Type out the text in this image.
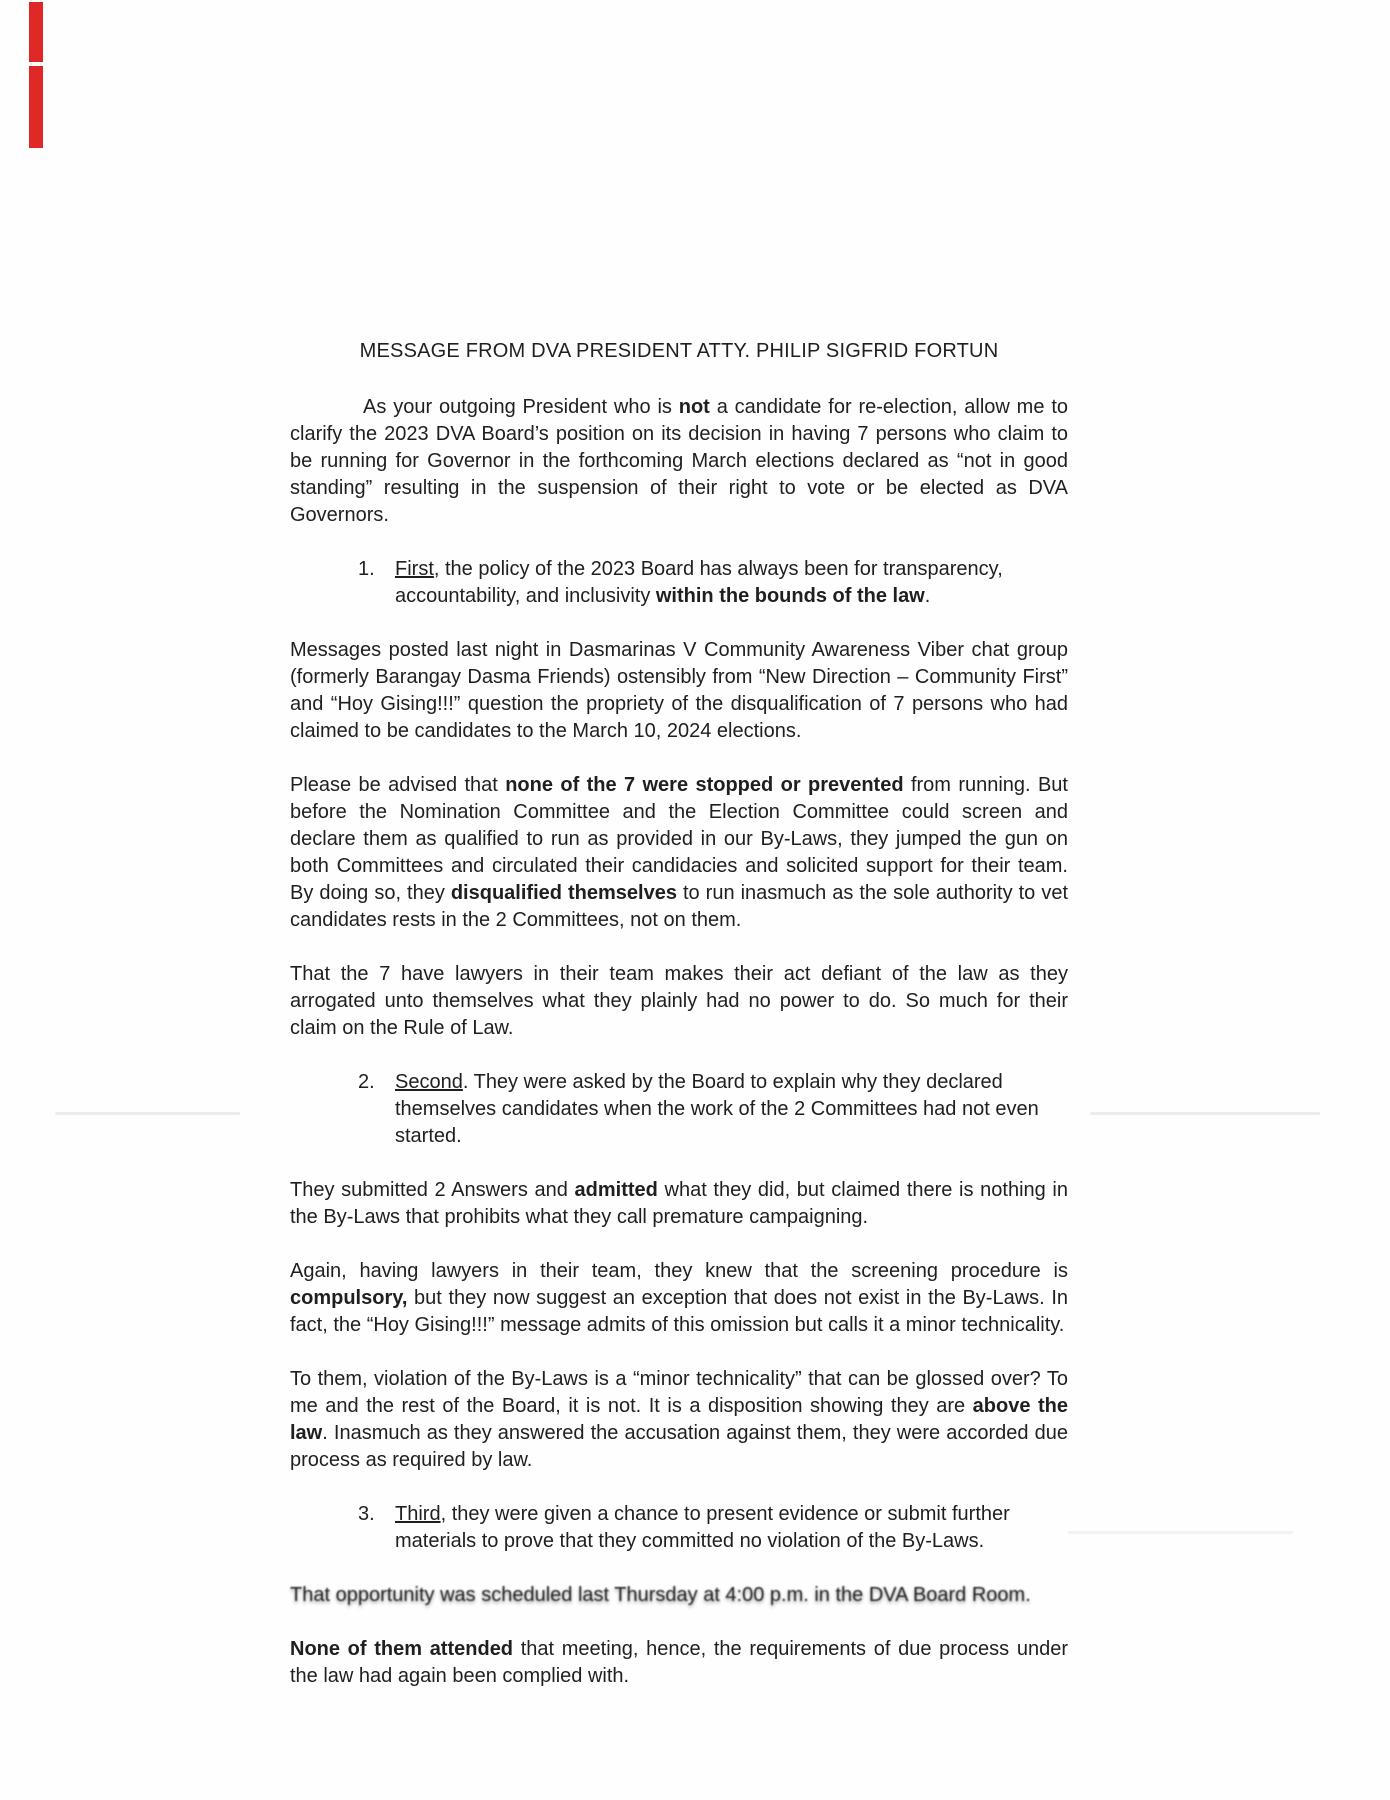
MESSAGE FROM DVA PRESIDENT ATTY. PHILIP SIGFRID FORTUN

As your outgoing President who is not a candidate for re-election, allow me to clarify the 2023 DVA Board’s position on its decision in having 7 persons who claim to be running for Governor in the forthcoming March elections declared as “not in good standing” resulting in the suspension of their right to vote or be elected as DVA Governors.

1.	First, the policy of the 2023 Board has always been for transparency, accountability, and inclusivity within the bounds of the law.

Messages posted last night in Dasmarinas V Community Awareness Viber chat group (formerly Barangay Dasma Friends) ostensibly from “New Direction – Community First” and “Hoy Gising!!!” question the propriety of the disqualification of 7 persons who had claimed to be candidates to the March 10, 2024 elections.

Please be advised that none of the 7 were stopped or prevented from running. But before the Nomination Committee and the Election Committee could screen and declare them as qualified to run as provided in our By-Laws, they jumped the gun on both Committees and circulated their candidacies and solicited support for their team. By doing so, they disqualified themselves to run inasmuch as the sole authority to vet candidates rests in the 2 Committees, not on them.

That the 7 have lawyers in their team makes their act defiant of the law as they arrogated unto themselves what they plainly had no power to do. So much for their claim on the Rule of Law.

2.	Second. They were asked by the Board to explain why they declared themselves candidates when the work of the 2 Committees had not even started.

They submitted 2 Answers and admitted what they did, but claimed there is nothing in the By-Laws that prohibits what they call premature campaigning.

Again, having lawyers in their team, they knew that the screening procedure is compulsory, but they now suggest an exception that does not exist in the By-Laws. In fact, the “Hoy Gising!!!” message admits of this omission but calls it a minor technicality.

To them, violation of the By-Laws is a “minor technicality” that can be glossed over? To me and the rest of the Board, it is not. It is a disposition showing they are above the law. Inasmuch as they answered the accusation against them, they were accorded due process as required by law.

3.	Third, they were given a chance to present evidence or submit further materials to prove that they committed no violation of the By-Laws.

That opportunity was scheduled last Thursday at 4:00 p.m. in the DVA Board Room.

None of them attended that meeting, hence, the requirements of due process under the law had again been complied with.
